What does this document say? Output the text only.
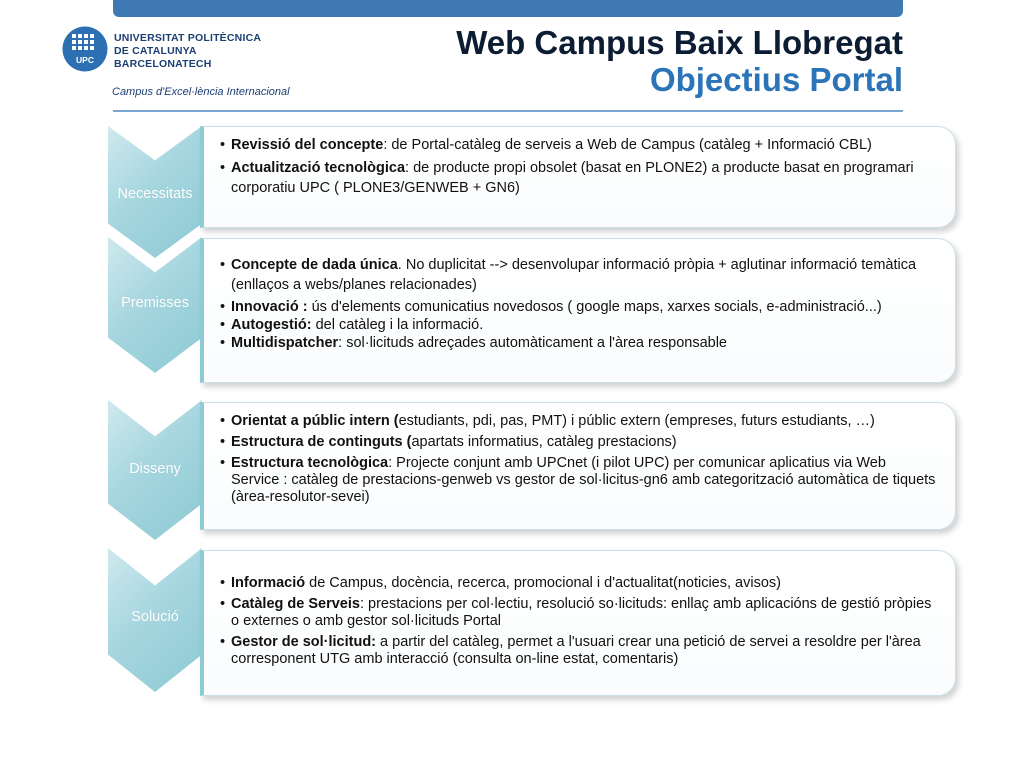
UPC
UNIVERSITAT POLITÈCNICA
DE CATALUNYA
BARCELONATECH
Campus d'Excel·lència Internacional
Web Campus Baix Llobregat
Objectius Portal
Necessitats
• Revissió del concepte: de Portal-catàleg de serveis a Web de Campus (catàleg + Informació CBL)
• Actualització tecnològica: de producte propi obsolet (basat en PLONE2) a producte basat en programari corporatiu UPC ( PLONE3/GENWEB + GN6)
Premisses
• Concepte de dada única. No duplicitat --> desenvolupar informació pròpia + aglutinar informació temàtica (enllaços a webs/planes relacionades)
• Innovació : ús d'elements comunicatius novedosos ( google maps, xarxes socials, e-administració...)
• Autogestió: del catàleg i la informació.
• Multidispatcher: sol·licituds adreçades automàticament a l'àrea responsable
Disseny
• Orientat a públic intern (estudiants, pdi, pas, PMT) i públic extern (empreses, futurs estudiants, …)
• Estructura de continguts (apartats informatius, catàleg prestacions)
• Estructura tecnològica: Projecte conjunt amb UPCnet (i pilot UPC) per comunicar aplicatius via Web Service : catàleg de prestacions-genweb vs gestor de sol·licitus-gn6 amb categorització automàtica de tiquets (àrea-resolutor-sevei)
Solució
• Informació de Campus, docència, recerca, promocional i d'actualitat(noticies, avisos)
• Catàleg de Serveis: prestacions per col·lectiu, resolució so·licituds: enllaç amb aplicacións de gestió pròpies o externes o amb gestor sol·licituds Portal
• Gestor de sol·licitud: a partir del catàleg, permet a l'usuari crear una petició de servei a resoldre per l'àrea corresponent UTG amb interacció (consulta on-line estat, comentaris)
